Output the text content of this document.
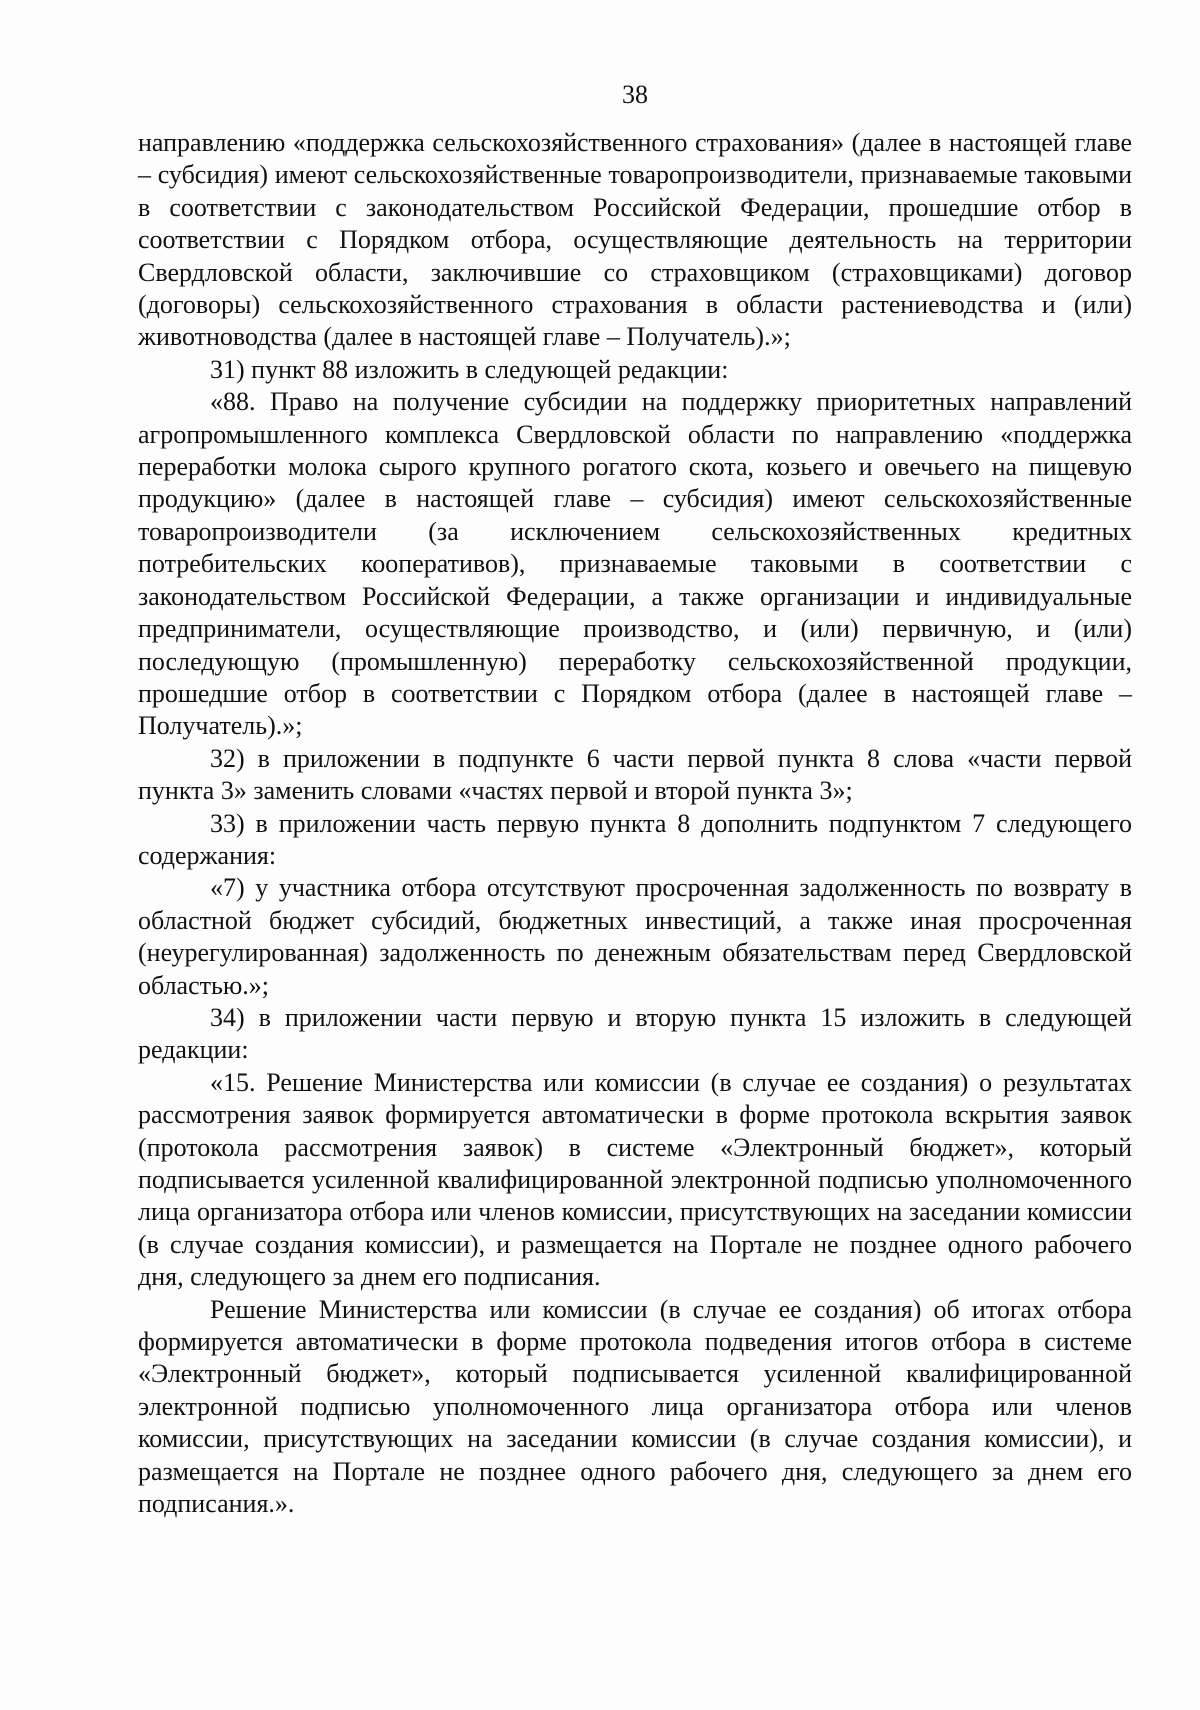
38

направлению «поддержка сельскохозяйственного страхования» (далее в настоящей главе – субсидия) имеют сельскохозяйственные товаропроизводители, признаваемые таковыми в соответствии с законодательством Российской Федерации, прошедшие отбор в соответствии с Порядком отбора, осуществляющие деятельность на территории Свердловской области, заключившие со страховщиком (страховщиками) договор (договоры) сельскохозяйственного страхования в области растениеводства и (или) животноводства (далее в настоящей главе – Получатель).»;

31) пункт 88 изложить в следующей редакции:

«88. Право на получение субсидии на поддержку приоритетных направлений агропромышленного комплекса Свердловской области по направлению «поддержка переработки молока сырого крупного рогатого скота, козьего и овечьего на пищевую продукцию» (далее в настоящей главе – субсидия) имеют сельскохозяйственные товаропроизводители (за исключением сельскохозяйственных кредитных потребительских кооперативов), признаваемые таковыми в соответствии с законодательством Российской Федерации, а также организации и индивидуальные предприниматели, осуществляющие производство, и (или) первичную, и (или) последующую (промышленную) переработку сельскохозяйственной продукции, прошедшие отбор в соответствии с Порядком отбора (далее в настоящей главе – Получатель).»;

32) в приложении в подпункте 6 части первой пункта 8 слова «части первой пункта 3» заменить словами «частях первой и второй пункта 3»;

33) в приложении часть первую пункта 8 дополнить подпунктом 7 следующего содержания:

«7) у участника отбора отсутствуют просроченная задолженность по возврату в областной бюджет субсидий, бюджетных инвестиций, а также иная просроченная (неурегулированная) задолженность по денежным обязательствам перед Свердловской областью.»;

34) в приложении части первую и вторую пункта 15 изложить в следующей редакции:

«15. Решение Министерства или комиссии (в случае ее создания) о результатах рассмотрения заявок формируется автоматически в форме протокола вскрытия заявок (протокола рассмотрения заявок) в системе «Электронный бюджет», который подписывается усиленной квалифицированной электронной подписью уполномоченного лица организатора отбора или членов комиссии, присутствующих на заседании комиссии (в случае создания комиссии), и размещается на Портале не позднее одного рабочего дня, следующего за днем его подписания.

Решение Министерства или комиссии (в случае ее создания) об итогах отбора формируется автоматически в форме протокола подведения итогов отбора в системе «Электронный бюджет», который подписывается усиленной квалифицированной электронной подписью уполномоченного лица организатора отбора или членов комиссии, присутствующих на заседании комиссии (в случае создания комиссии), и размещается на Портале не позднее одного рабочего дня, следующего за днем его подписания.».
